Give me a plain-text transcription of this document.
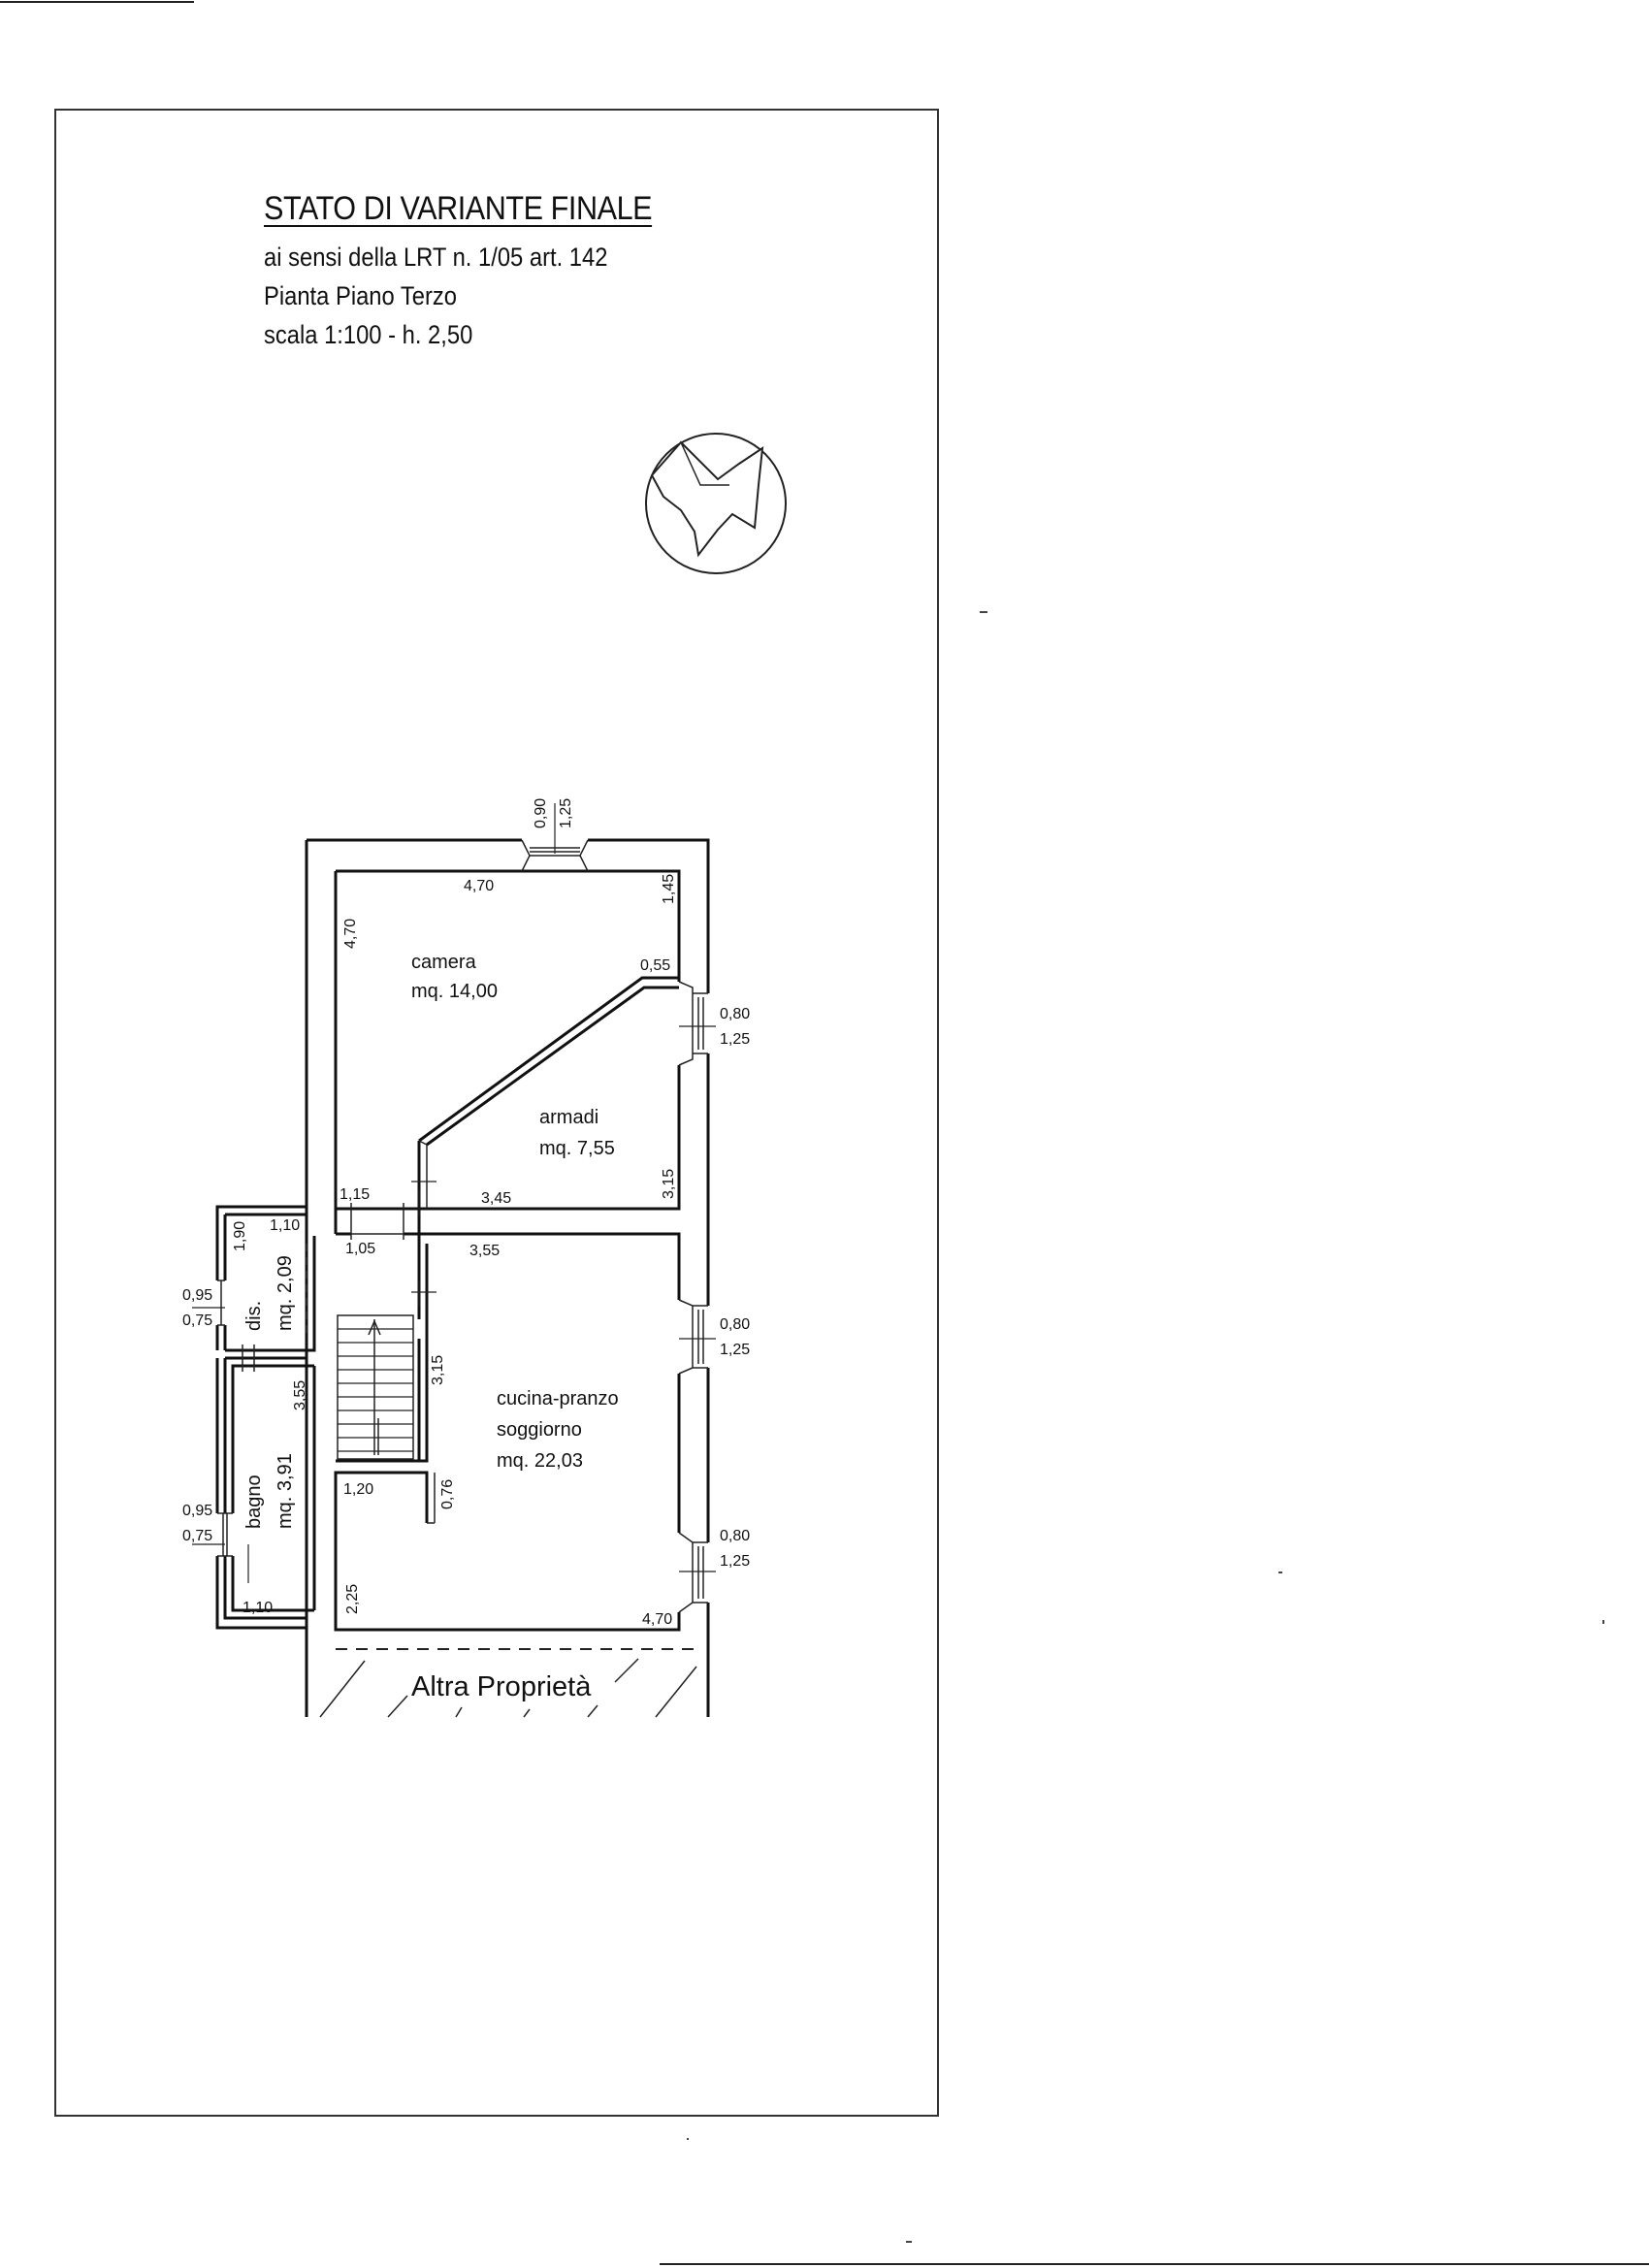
STATO DI VARIANTE FINALE
ai sensi della LRT n. 1/05 art. 142
Pianta Piano Terzo
scala 1:100 - h. 2,50
camera
mq. 14,00
armadi
mq. 7,55
cucina-pranzo
soggiorno
mq. 22,03
dis. mq. 2,09
bagno mq. 3,91
Altra Proprietà
0,90 1,25
4,70
4,70
1,45
0,55
0,80
1,25
3,15
1,15	3,45
1,10
1,90	1,05	3,55
0,95
0,75	0,80
1,25
3,15
3,55
1,20	0,76
0,95
0,75	0,80
1,25
1,10	2,25
4,70
